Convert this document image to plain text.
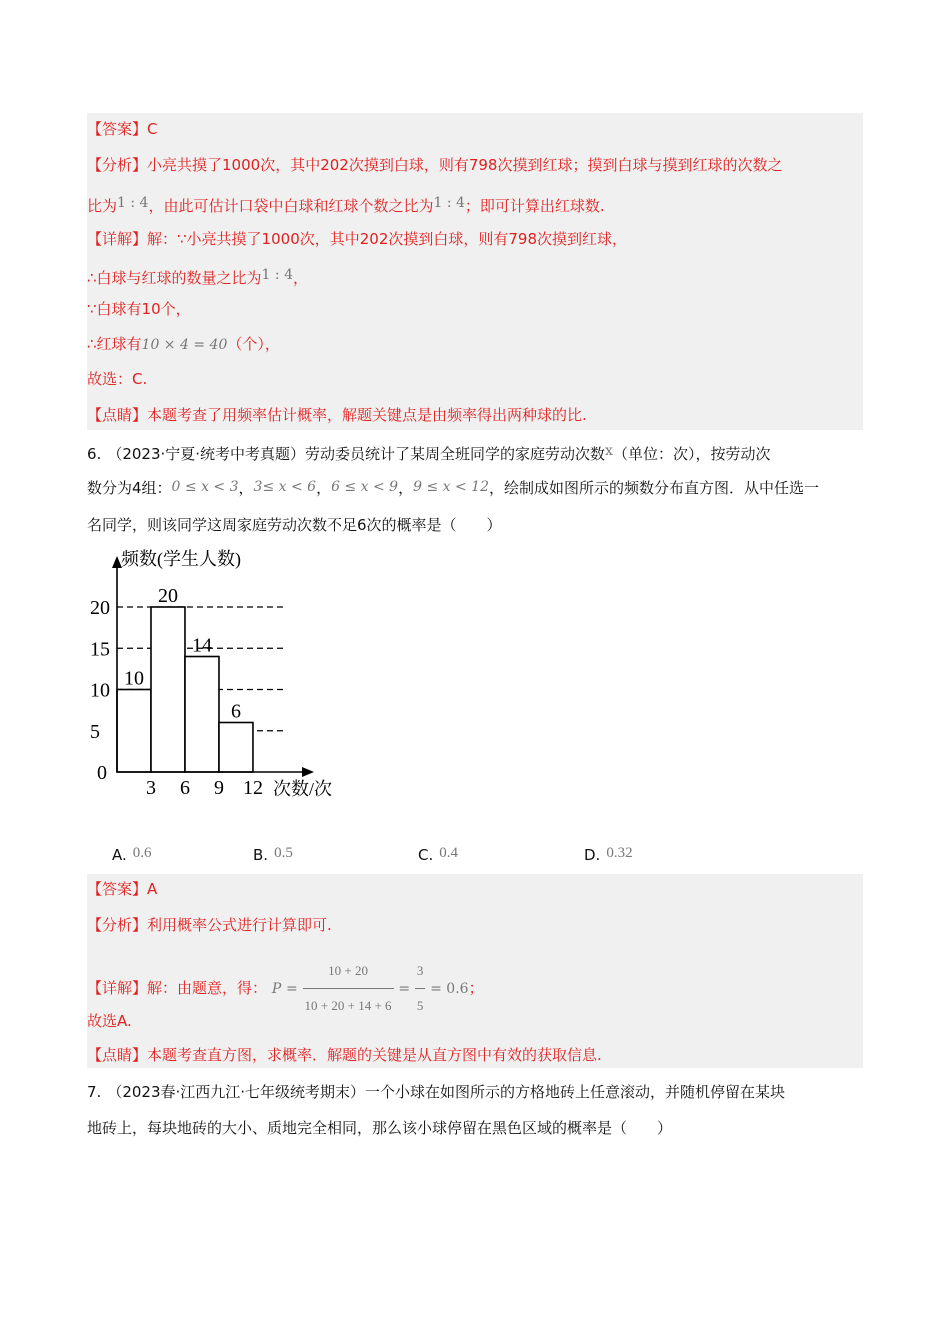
【答案】C
【分析】小亮共摸了1000次，其中202次摸到白球，则有798次摸到红球；摸到白球与摸到红球的次数之
比为1 : 4，由此可估计口袋中白球和红球个数之比为1 : 4；即可计算出红球数.
【详解】解：∵小亮共摸了1000次，其中202次摸到白球，则有798次摸到红球，
∴白球与红球的数量之比为1 : 4，
∵白球有10个，
∴红球有10 × 4 = 40（个），
故选：C.
【点睛】本题考查了用频率估计概率，解题关键点是由频率得出两种球的比.
6. （2023·宁夏·统考中考真题）劳动委员统计了某周全班同学的家庭劳动次数x（单位：次），按劳动次
数分为4组：0 ≤ x < 3，3≤ x < 6，6 ≤ x < 9，9 ≤ x < 12，绘制成如图所示的频数分布直方图．从中任选一
名同学，则该同学这周家庭劳动次数不足6次的概率是（　　）
频数(学生人数)
次数/次
0
5
10
15
20
3 6 9 12
10
20
14
6
A. 0.6	B. 0.5	C. 0.4	D. 0.32
【答案】A
【分析】利用概率公式进行计算即可.
【详解】解：由题意，得： $P = \frac{10 + 20}{10 + 20 + 14 + 6} = \frac{3}{5} = 0.6$；
故选A.
【点睛】本题考查直方图，求概率．解题的关键是从直方图中有效的获取信息.
7. （2023春·江西九江·七年级统考期末）一个小球在如图所示的方格地砖上任意滚动，并随机停留在某块
地砖上，每块地砖的大小、质地完全相同，那么该小球停留在黑色区域的概率是（　　）
